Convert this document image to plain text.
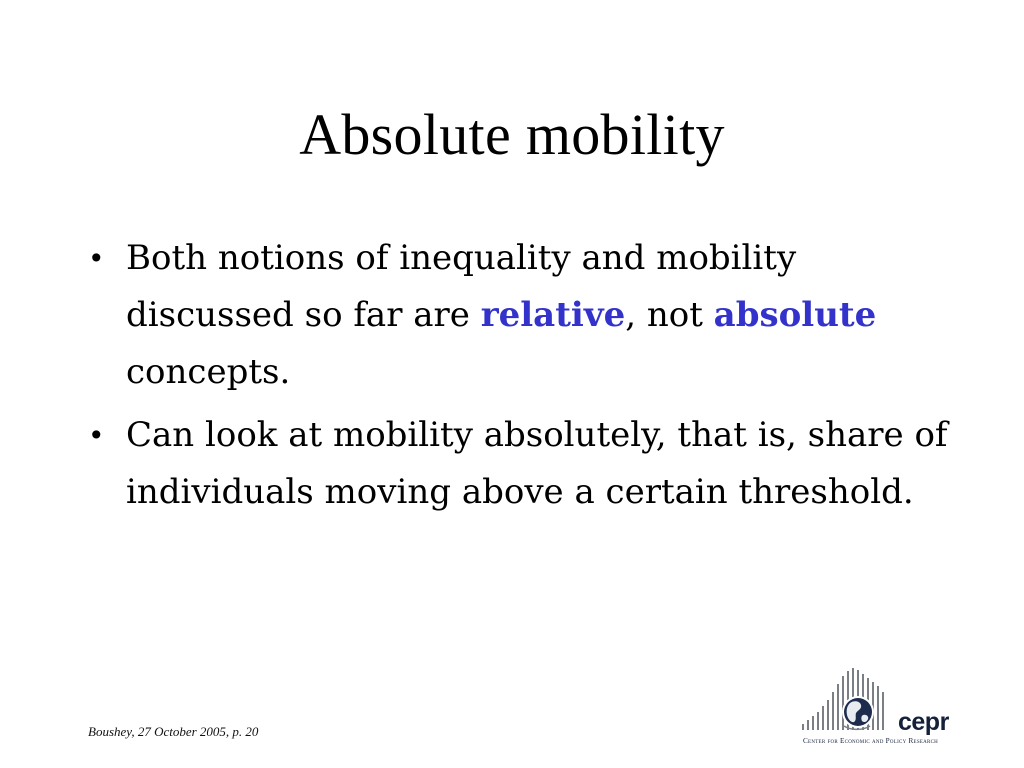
Absolute mobility
• Both notions of inequality and mobility discussed so far are relative, not absolute concepts.
• Can look at mobility absolutely, that is, share of individuals moving above a certain threshold.
Boushey, 27 October 2005, p. 20	cepr
Center for Economic and Policy Research
